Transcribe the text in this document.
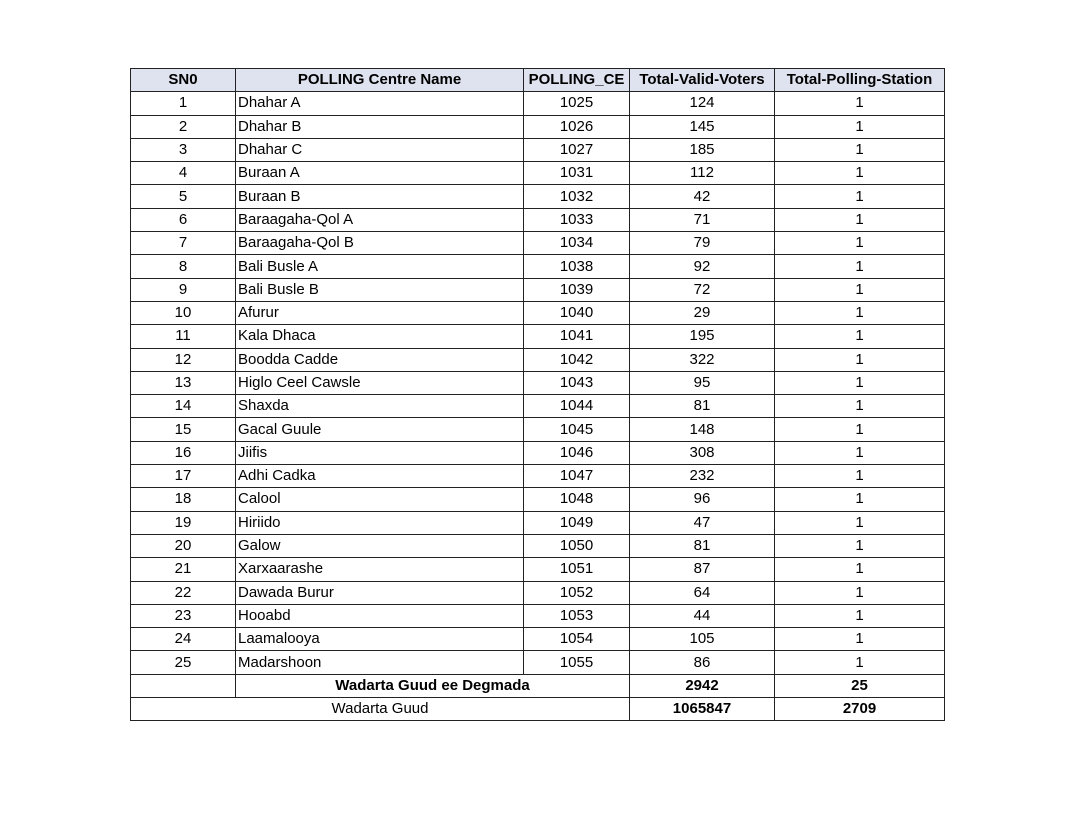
SN0	POLLING Centre Name	POLLING_CE	Total-Valid-Voters	Total-Polling-Station
1	Dhahar A	1025	124	1
2	Dhahar B	1026	145	1
3	Dhahar C	1027	185	1
4	Buraan A	1031	112	1
5	Buraan B	1032	42	1
6	Baraagaha-Qol A	1033	71	1
7	Baraagaha-Qol B	1034	79	1
8	Bali Busle A	1038	92	1
9	Bali Busle B	1039	72	1
10	Afurur	1040	29	1
11	Kala Dhaca	1041	195	1
12	Boodda Cadde	1042	322	1
13	Higlo Ceel Cawsle	1043	95	1
14	Shaxda	1044	81	1
15	Gacal Guule	1045	148	1
16	Jiifis	1046	308	1
17	Adhi Cadka	1047	232	1
18	Calool	1048	96	1
19	Hiriido	1049	47	1
20	Galow	1050	81	1
21	Xarxaarashe	1051	87	1
22	Dawada Burur	1052	64	1
23	Hooabd	1053	44	1
24	Laamalooya	1054	105	1
25	Madarshoon	1055	86	1
	Wadarta Guud ee Degmada		2942	25
Wadarta Guud			1065847	2709
